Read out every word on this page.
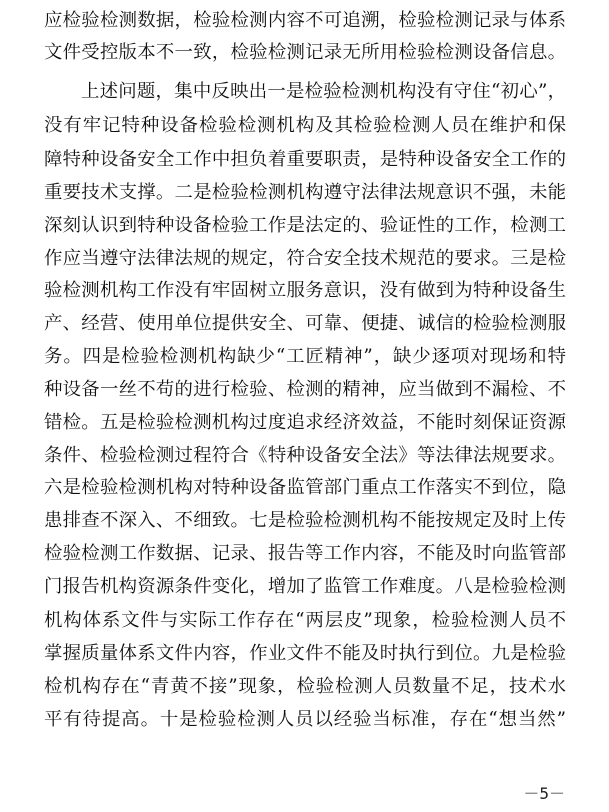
应检验检测数据，检验检测内容不可追溯，检验检测记录与体系
文件受控版本不一致，检验检测记录无所用检验检测设备信息。
上述问题，集中反映出一是检验检测机构没有守住“初心”，
没有牢记特种设备检验检测机构及其检验检测人员在维护和保
障特种设备安全工作中担负着重要职责，是特种设备安全工作的
重要技术支撑。二是检验检测机构遵守法律法规意识不强，未能
深刻认识到特种设备检验工作是法定的、验证性的工作，检测工
作应当遵守法律法规的规定，符合安全技术规范的要求。三是检
验检测机构工作没有牢固树立服务意识，没有做到为特种设备生
产、经营、使用单位提供安全、可靠、便捷、诚信的检验检测服
务。四是检验检测机构缺少“工匠精神”，缺少逐项对现场和特
种设备一丝不苟的进行检验、检测的精神，应当做到不漏检、不
错检。五是检验检测机构过度追求经济效益，不能时刻保证资源
条件、检验检测过程符合《特种设备安全法》等法律法规要求。
六是检验检测机构对特种设备监管部门重点工作落实不到位，隐
患排查不深入、不细致。七是检验检测机构不能按规定及时上传
检验检测工作数据、记录、报告等工作内容，不能及时向监管部
门报告机构资源条件变化，增加了监管工作难度。八是检验检测
机构体系文件与实际工作存在“两层皮”现象，检验检测人员不
掌握质量体系文件内容，作业文件不能及时执行到位。九是检验
检机构存在“青黄不接”现象，检验检测人员数量不足，技术水
平有待提高。十是检验检测人员以经验当标准，存在“想当然”
－5－
